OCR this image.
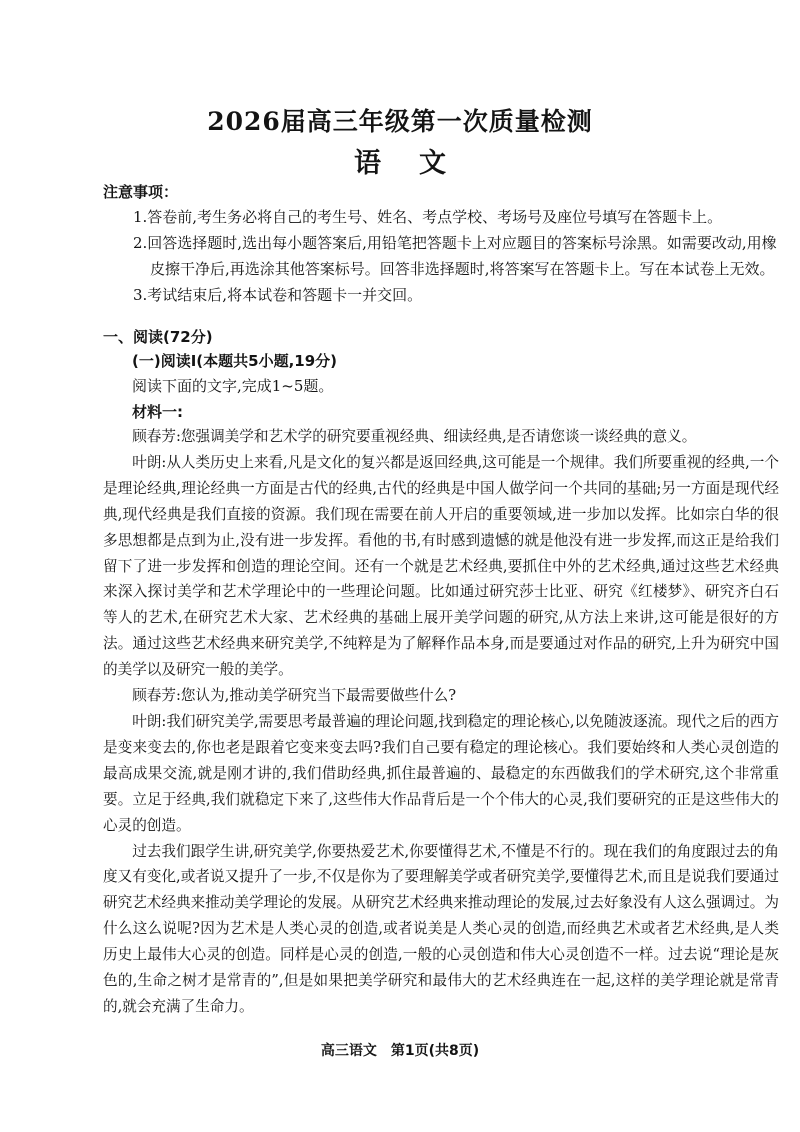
2026届高三年级第一次质量检测
语 文
注意事项：
1.答卷前,考生务必将自己的考生号、姓名、考点学校、考场号及座位号填写在答题卡上。
2.回答选择题时,选出每小题答案后,用铅笔把答题卡上对应题目的答案标号涂黑。如需要改动,用橡皮擦干净后,再选涂其他答案标号。回答非选择题时,将答案写在答题卡上。写在本试卷上无效。
3.考试结束后,将本试卷和答题卡一并交回。
一、阅读(72分)
(一)阅读Ⅰ(本题共5小题,19分)
阅读下面的文字,完成1~5题。
材料一:

顾春芳:您强调美学和艺术学的研究要重视经典、细读经典,是否请您谈一谈经典的意义。

叶朗:从人类历史上来看,凡是文化的复兴都是返回经典,这可能是一个规律。我们所要重视的经典,一个是理论经典,理论经典一方面是古代的经典,古代的经典是中国人做学问一个共同的基础;另一方面是现代经典,现代经典是我们直接的资源。我们现在需要在前人开启的重要领域,进一步加以发挥。比如宗白华的很多思想都是点到为止,没有进一步发挥。看他的书,有时感到遗憾的就是他没有进一步发挥,而这正是给我们留下了进一步发挥和创造的理论空间。还有一个就是艺术经典,要抓住中外的艺术经典,通过这些艺术经典来深入探讨美学和艺术学理论中的一些理论问题。比如通过研究莎士比亚、研究《红楼梦》、研究齐白石等人的艺术,在研究艺术大家、艺术经典的基础上展开美学问题的研究,从方法上来讲,这可能是很好的方法。通过这些艺术经典来研究美学,不纯粹是为了解释作品本身,而是要通过对作品的研究,上升为研究中国的美学以及研究一般的美学。

顾春芳:您认为,推动美学研究当下最需要做些什么?

叶朗:我们研究美学,需要思考最普遍的理论问题,找到稳定的理论核心,以免随波逐流。现代之后的西方是变来变去的,你也老是跟着它变来变去吗?我们自己要有稳定的理论核心。我们要始终和人类心灵创造的最高成果交流,就是刚才讲的,我们借助经典,抓住最普遍的、最稳定的东西做我们的学术研究,这个非常重要。立足于经典,我们就稳定下来了,这些伟大作品背后是一个个伟大的心灵,我们要研究的正是这些伟大的心灵的创造。

过去我们跟学生讲,研究美学,你要热爱艺术,你要懂得艺术,不懂是不行的。现在我们的角度跟过去的角度又有变化,或者说又提升了一步,不仅是你为了要理解美学或者研究美学,要懂得艺术,而且是说我们要通过研究艺术经典来推动美学理论的发展。从研究艺术经典来推动理论的发展,过去好象没有人这么强调过。为什么这么说呢?因为艺术是人类心灵的创造,或者说美是人类心灵的创造,而经典艺术或者艺术经典,是人类历史上最伟大心灵的创造。同样是心灵的创造,一般的心灵创造和伟大心灵创造不一样。过去说“理论是灰色的,生命之树才是常青的”,但是如果把美学研究和最伟大的艺术经典连在一起,这样的美学理论就是常青的,就会充满了生命力。

高三语文　第1页(共8页)
